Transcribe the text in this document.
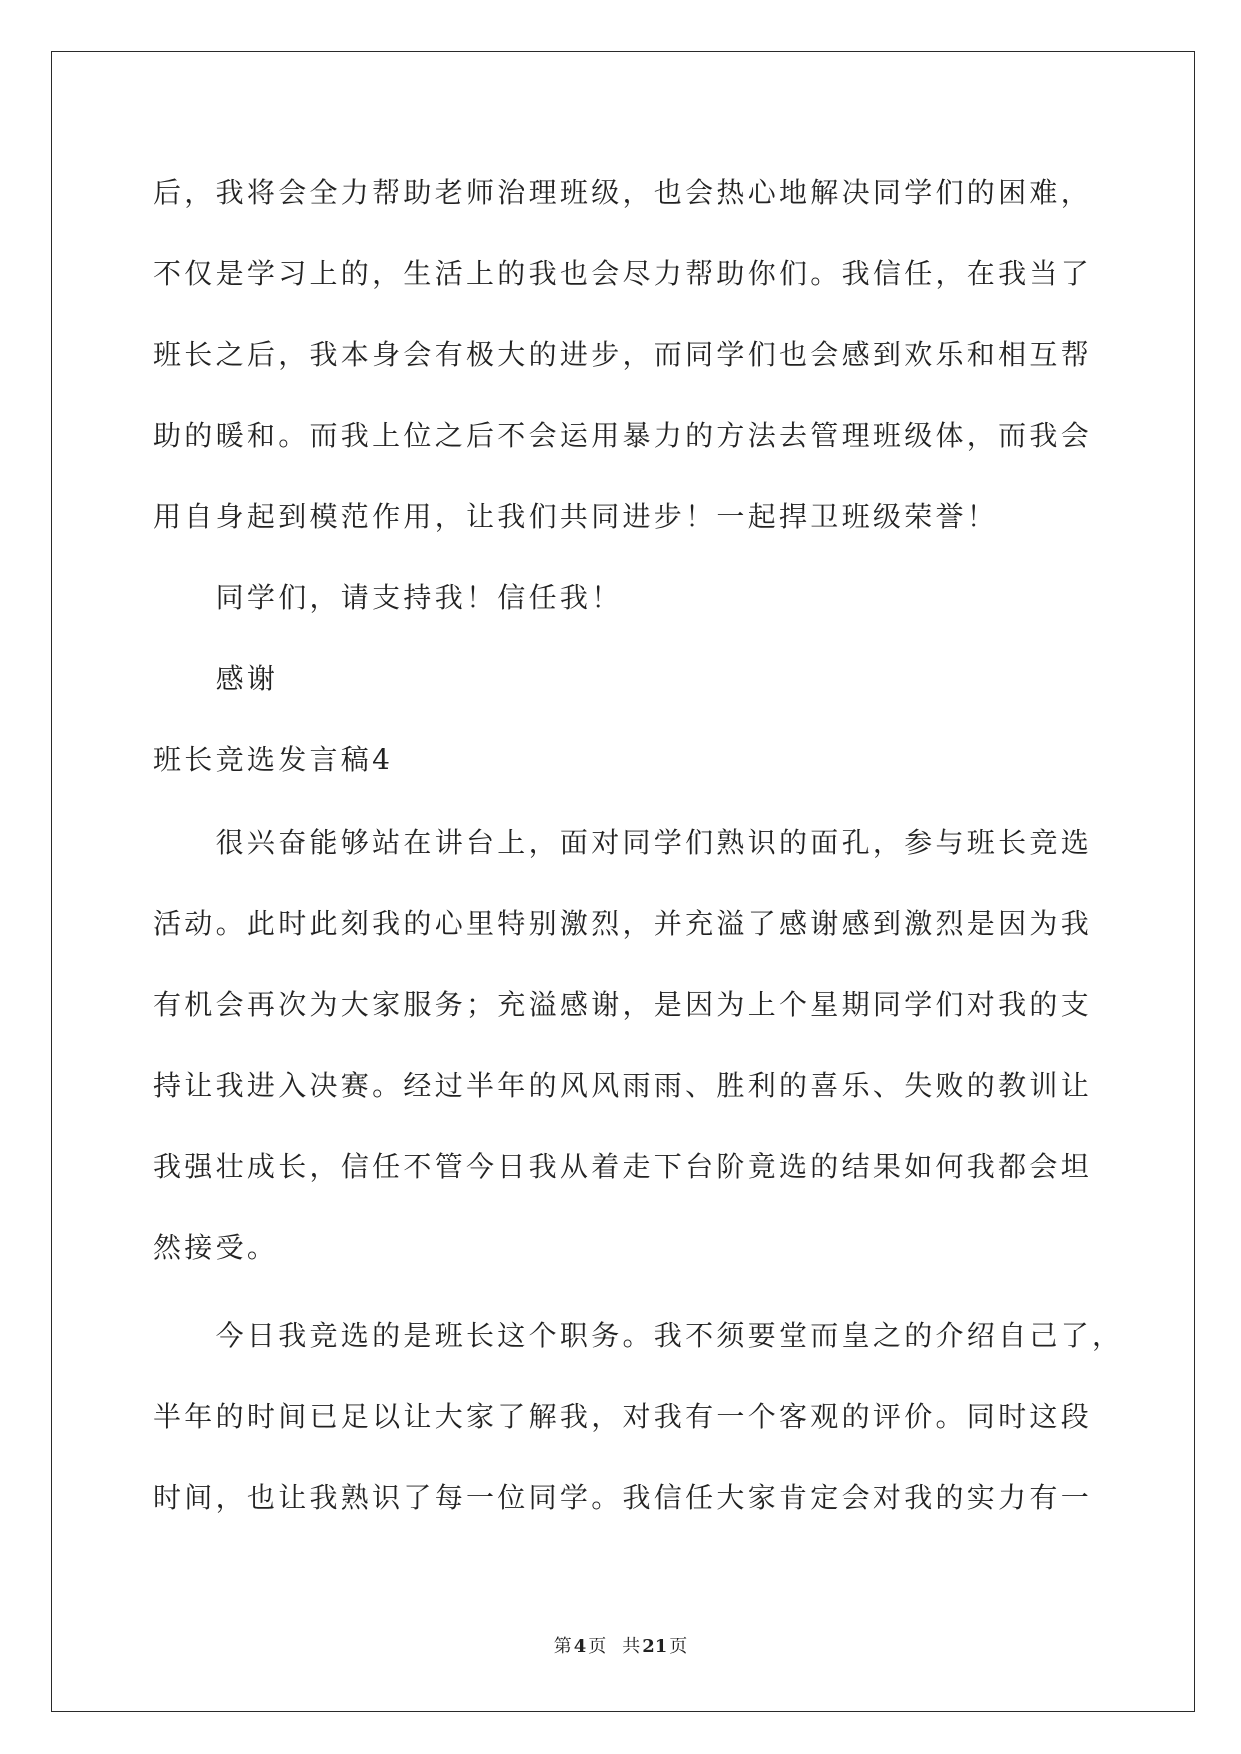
后，我将会全力帮助老师治理班级，也会热心地解决同学们的困难，
不仅是学习上的，生活上的我也会尽力帮助你们。我信任，在我当了
班长之后，我本身会有极大的进步，而同学们也会感到欢乐和相互帮
助的暖和。而我上位之后不会运用暴力的方法去管理班级体，而我会
用自身起到模范作用，让我们共同进步！一起捍卫班级荣誉！
同学们，请支持我！信任我！
感谢
班长竞选发言稿4
很兴奋能够站在讲台上，面对同学们熟识的面孔，参与班长竞选
活动。此时此刻我的心里特别激烈，并充溢了感谢感到激烈是因为我
有机会再次为大家服务；充溢感谢，是因为上个星期同学们对我的支
持让我进入决赛。经过半年的风风雨雨、胜利的喜乐、失败的教训让
我强壮成长，信任不管今日我从着走下台阶竟选的结果如何我都会坦
然接受。
今日我竞选的是班长这个职务。我不须要堂而皇之的介绍自己了，
半年的时间已足以让大家了解我，对我有一个客观的评价。同时这段
时间，也让我熟识了每一位同学。我信任大家肯定会对我的实力有一
第 4 页 共 21 页
